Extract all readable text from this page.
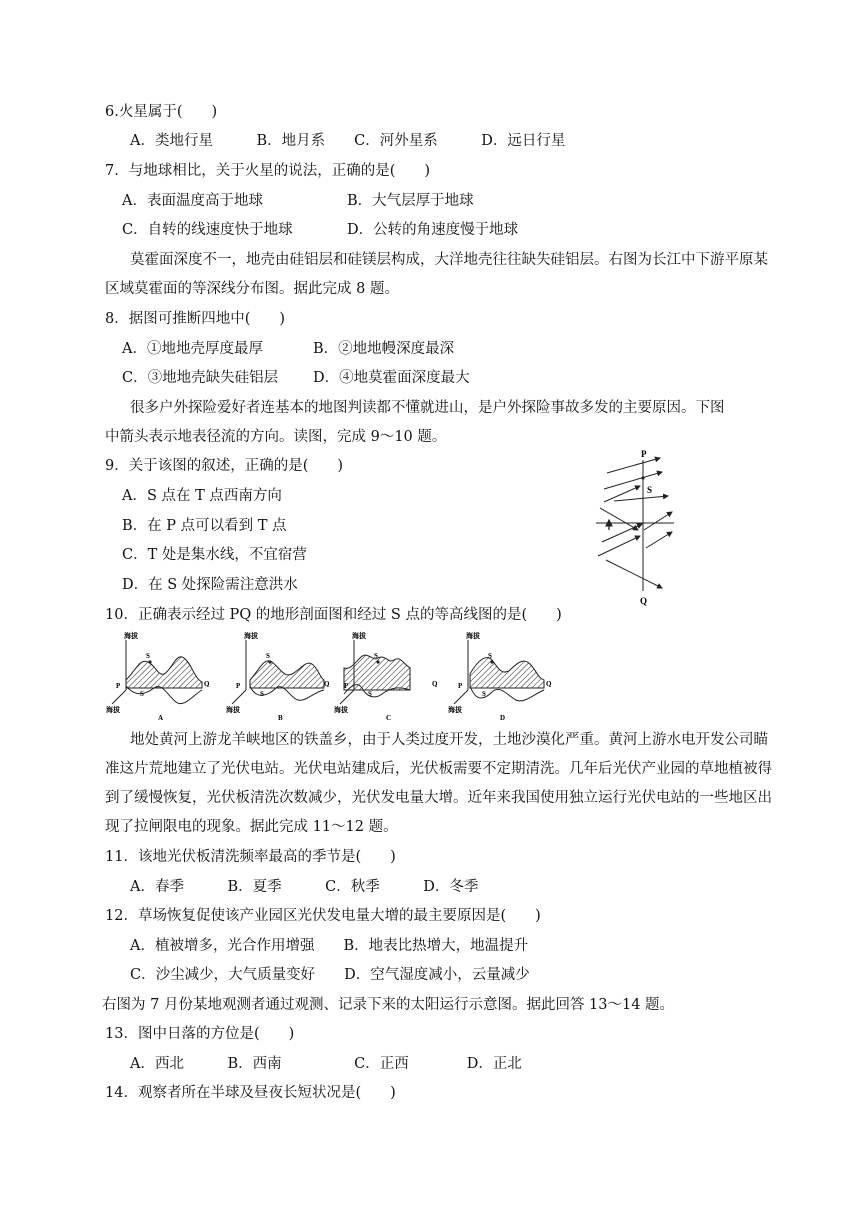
6.火星属于(　　)
A．类地行星　　　B．地月系　　C．河外星系　　　D．远日行星
7．与地球相比，关于火星的说法，正确的是(　　)
A．表面温度高于地球	B．大气层厚于地球
C．自转的线速度快于地球	D．公转的角速度慢于地球
莫霍面深度不一，地壳由硅铝层和硅镁层构成，大洋地壳往往缺失硅铝层。右图为长江中下游平原某
区域莫霍面的等深线分布图。据此完成 8 题。
8．据图可推断四地中(　　)
A．①地地壳厚度最厚	B．②地地幔深度最深
C．③地地壳缺失硅铝层 D．④地莫霍面深度最大
很多户外探险爱好者连基本的地图判读都不懂就进山，是户外探险事故多发的主要原因。下图
中箭头表示地表径流的方向。读图，完成 9～10 题。
9．关于该图的叙述，正确的是(　　)
A．S 点在 T 点西南方向
B．在 P 点可以看到 T 点
C．T 处是集水线，不宜宿营
D．在 S 处探险需注意洪水
P
S
Q
10．正确表示经过 PQ 的地形剖面图和经过 S 点的等高线图的是(　　)
海拔
海拔
P	Q
S
S
A
海拔
海拔
P	Q
S
S
B
海拔
海拔
P	Q
S
S
C
海拔
海拔
P	Q
S
S
D
地处黄河上游龙羊峡地区的铁盖乡，由于人类过度开发，土地沙漠化严重。黄河上游水电开发公司瞄
准这片荒地建立了光伏电站。光伏电站建成后，光伏板需要不定期清洗。几年后光伏产业园的草地植被得
到了缓慢恢复，光伏板清洗次数减少，光伏发电量大增。近年来我国使用独立运行光伏电站的一些地区出
现了拉闸限电的现象。据此完成 11～12 题。
11．该地光伏板清洗频率最高的季节是(　　)
A．春季　　　B．夏季　　　C．秋季　　　D．冬季
12．草场恢复促使该产业园区光伏发电量大增的最主要原因是(　　)
A．植被增多，光合作用增强　　B．地表比热增大，地温提升
C．沙尘减少，大气质量变好　　D．空气湿度减小，云量减少
右图为 7 月份某地观测者通过观测、记录下来的太阳运行示意图。据此回答 13～14 题。
13．图中日落的方位是(　　)
A．西北　　　B．西南　　　　　C．正西　　　　D．正北
14．观察者所在半球及昼夜长短状况是(　　)
